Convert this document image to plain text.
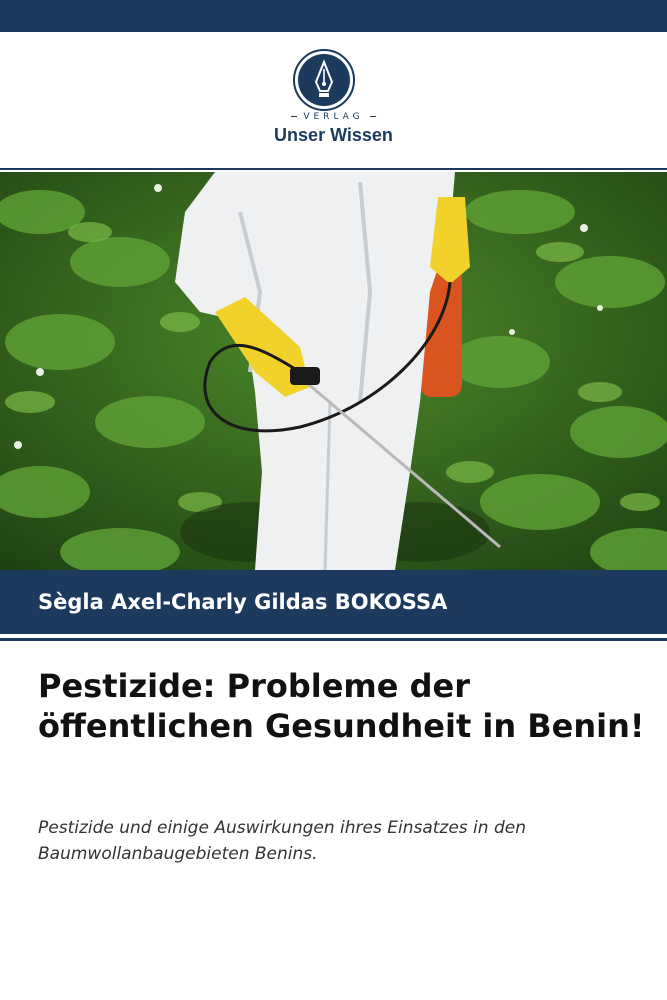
VERLAG
Unser Wissen
Sègla Axel-Charly Gildas BOKOSSA
Pestizide: Probleme der öffentlichen Gesundheit in Benin!
Pestizide und einige Auswirkungen ihres Einsatzes in den Baumwollanbaugebieten Benins.
